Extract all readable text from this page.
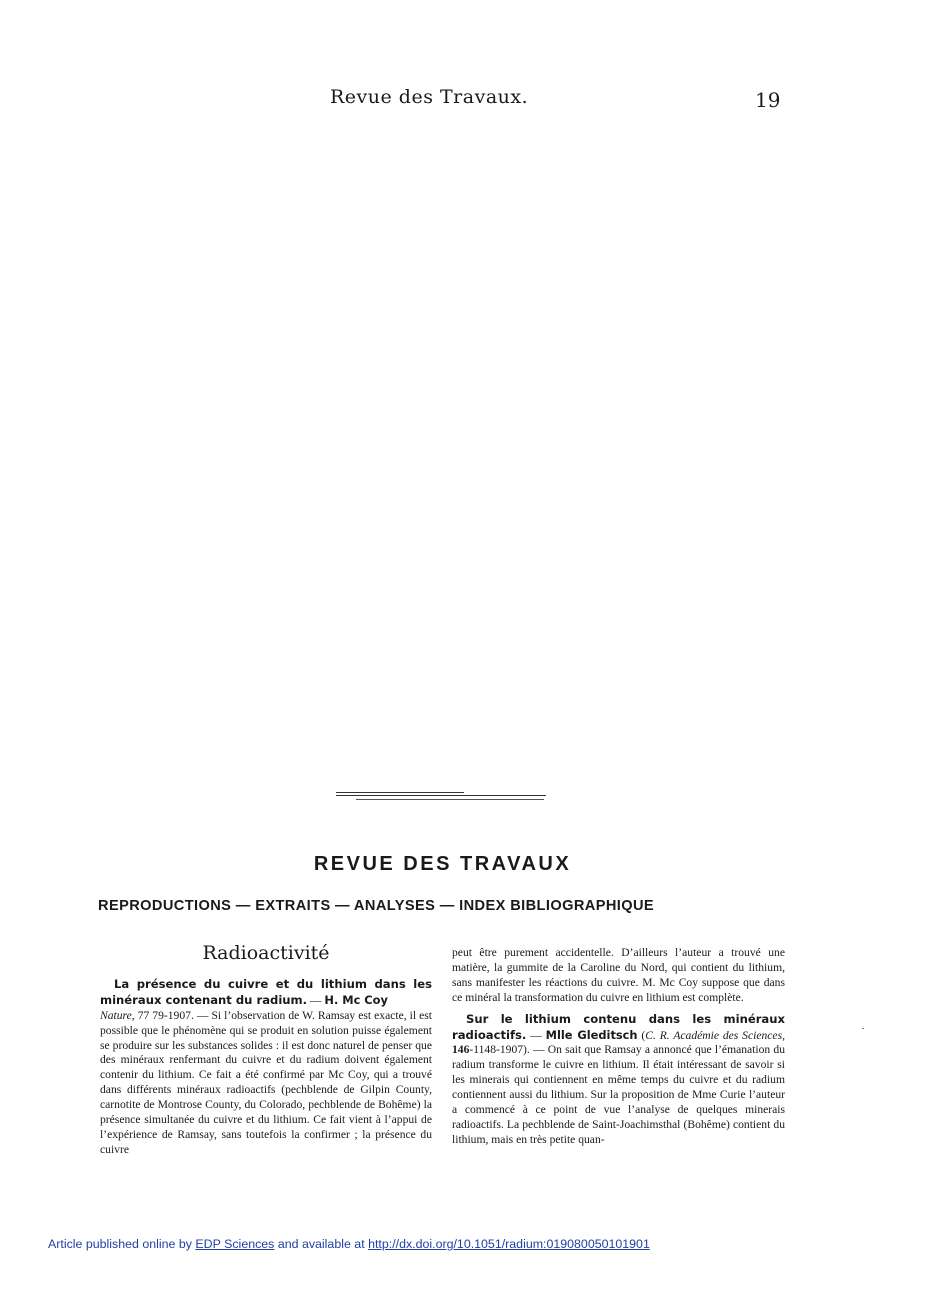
Revue des Travaux.	19
REVUE DES TRAVAUX
REPRODUCTIONS — EXTRAITS — ANALYSES — INDEX BIBLIOGRAPHIQUE
Radioactivité

La présence du cuivre et du lithium dans les minéraux contenant du radium. — H. Mc Coy
Nature, 77 79-1907. — Si l’observation de W. Ramsay est exacte, il est possible que le phénomène qui se produit en solution puisse également se produire sur les substances solides : il est donc naturel de penser que des minéraux renfermant du cuivre et du radium doivent également contenir du lithium. Ce fait a été confirmé par Mc Coy, qui a trouvé dans différents minéraux radioactifs (pechblende de Gilpin County, carnotite de Montrose County, du Colorado, pechblende de Bohême) la présence simultanée du cuivre et du lithium. Ce fait vient à l’appui de l’expérience de Ramsay, sans toutefois la confirmer ; la présence du cuivre

peut être purement accidentelle. D’ailleurs l’auteur a trouvé une matière, la gummite de la Caroline du Nord, qui contient du lithium, sans manifester les réactions du cuivre. M. Mc Coy suppose que dans ce minéral la transformation du cuivre en lithium est complète.

Sur le lithium contenu dans les minéraux radioactifs. — Mlle Gleditsch (C. R. Académie des Sciences, 146-1148-1907). — On sait que Ramsay a annoncé que l’émanation du radium transforme le cuivre en lithium. Il était intéressant de savoir si les minerais qui contiennent en même temps du cuivre et du radium contiennent aussi du lithium. Sur la proposition de Mme Curie l’auteur a commencé à ce point de vue l’analyse de quelques minerais radioactifs. La pechblende de Saint-Joachimsthal (Bohême) contient du lithium, mais en très petite quan-

Article published online by EDP Sciences and available at http://dx.doi.org/10.1051/radium:019080050101901
